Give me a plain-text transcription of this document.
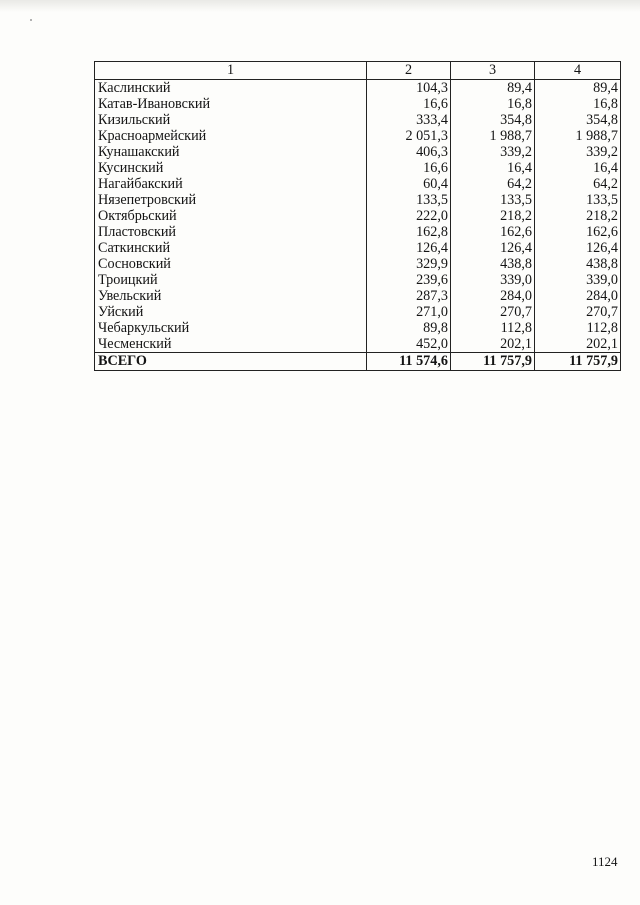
1	2	3	4
Каслинский	104,3	89,4	89,4
Катав-Ивановский	16,6	16,8	16,8
Кизильский	333,4	354,8	354,8
Красноармейский	2 051,3	1 988,7	1 988,7
Кунашакский	406,3	339,2	339,2
Кусинский	16,6	16,4	16,4
Нагайбакский	60,4	64,2	64,2
Нязепетровский	133,5	133,5	133,5
Октябрьский	222,0	218,2	218,2
Пластовский	162,8	162,6	162,6
Саткинский	126,4	126,4	126,4
Сосновский	329,9	438,8	438,8
Троицкий	239,6	339,0	339,0
Увельский	287,3	284,0	284,0
Уйский	271,0	270,7	270,7
Чебаркульский	89,8	112,8	112,8
Чесменский	452,0	202,1	202,1
ВСЕГО	11 574,6	11 757,9	11 757,9
1124
